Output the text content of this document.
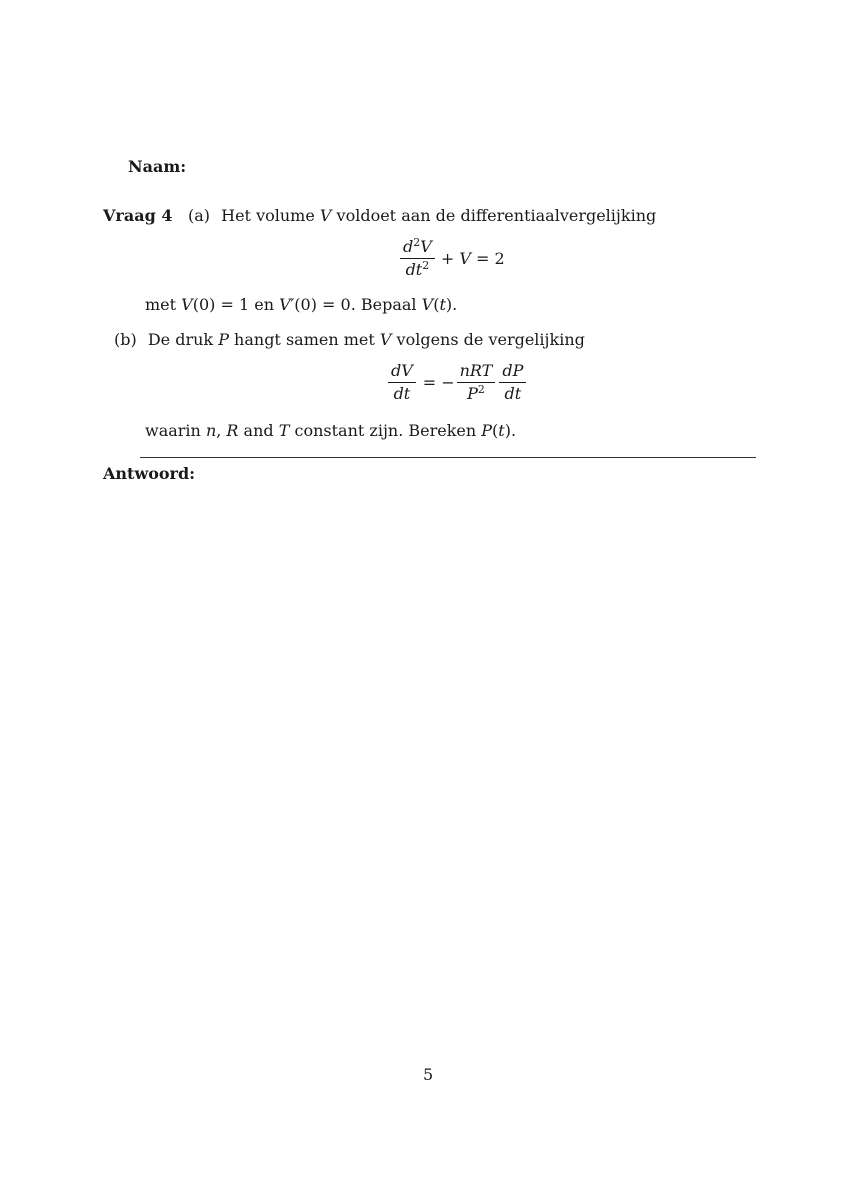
Naam:
Vraag 4 (a) Het volume V voldoet aan de differentiaalvergelijking
$\frac{d^2V}{dt^2} + V = 2$
met V(0) = 1 en V′(0) = 0. Bepaal V(t).
(b) De druk P hangt samen met V volgens de vergelijking
$\frac{dV}{dt}$ = − $\frac{\text{nRT}}{P^2} \frac{dP}{dt}$
waarin n, R and T constant zijn. Bereken P(t).
Antwoord:
5
